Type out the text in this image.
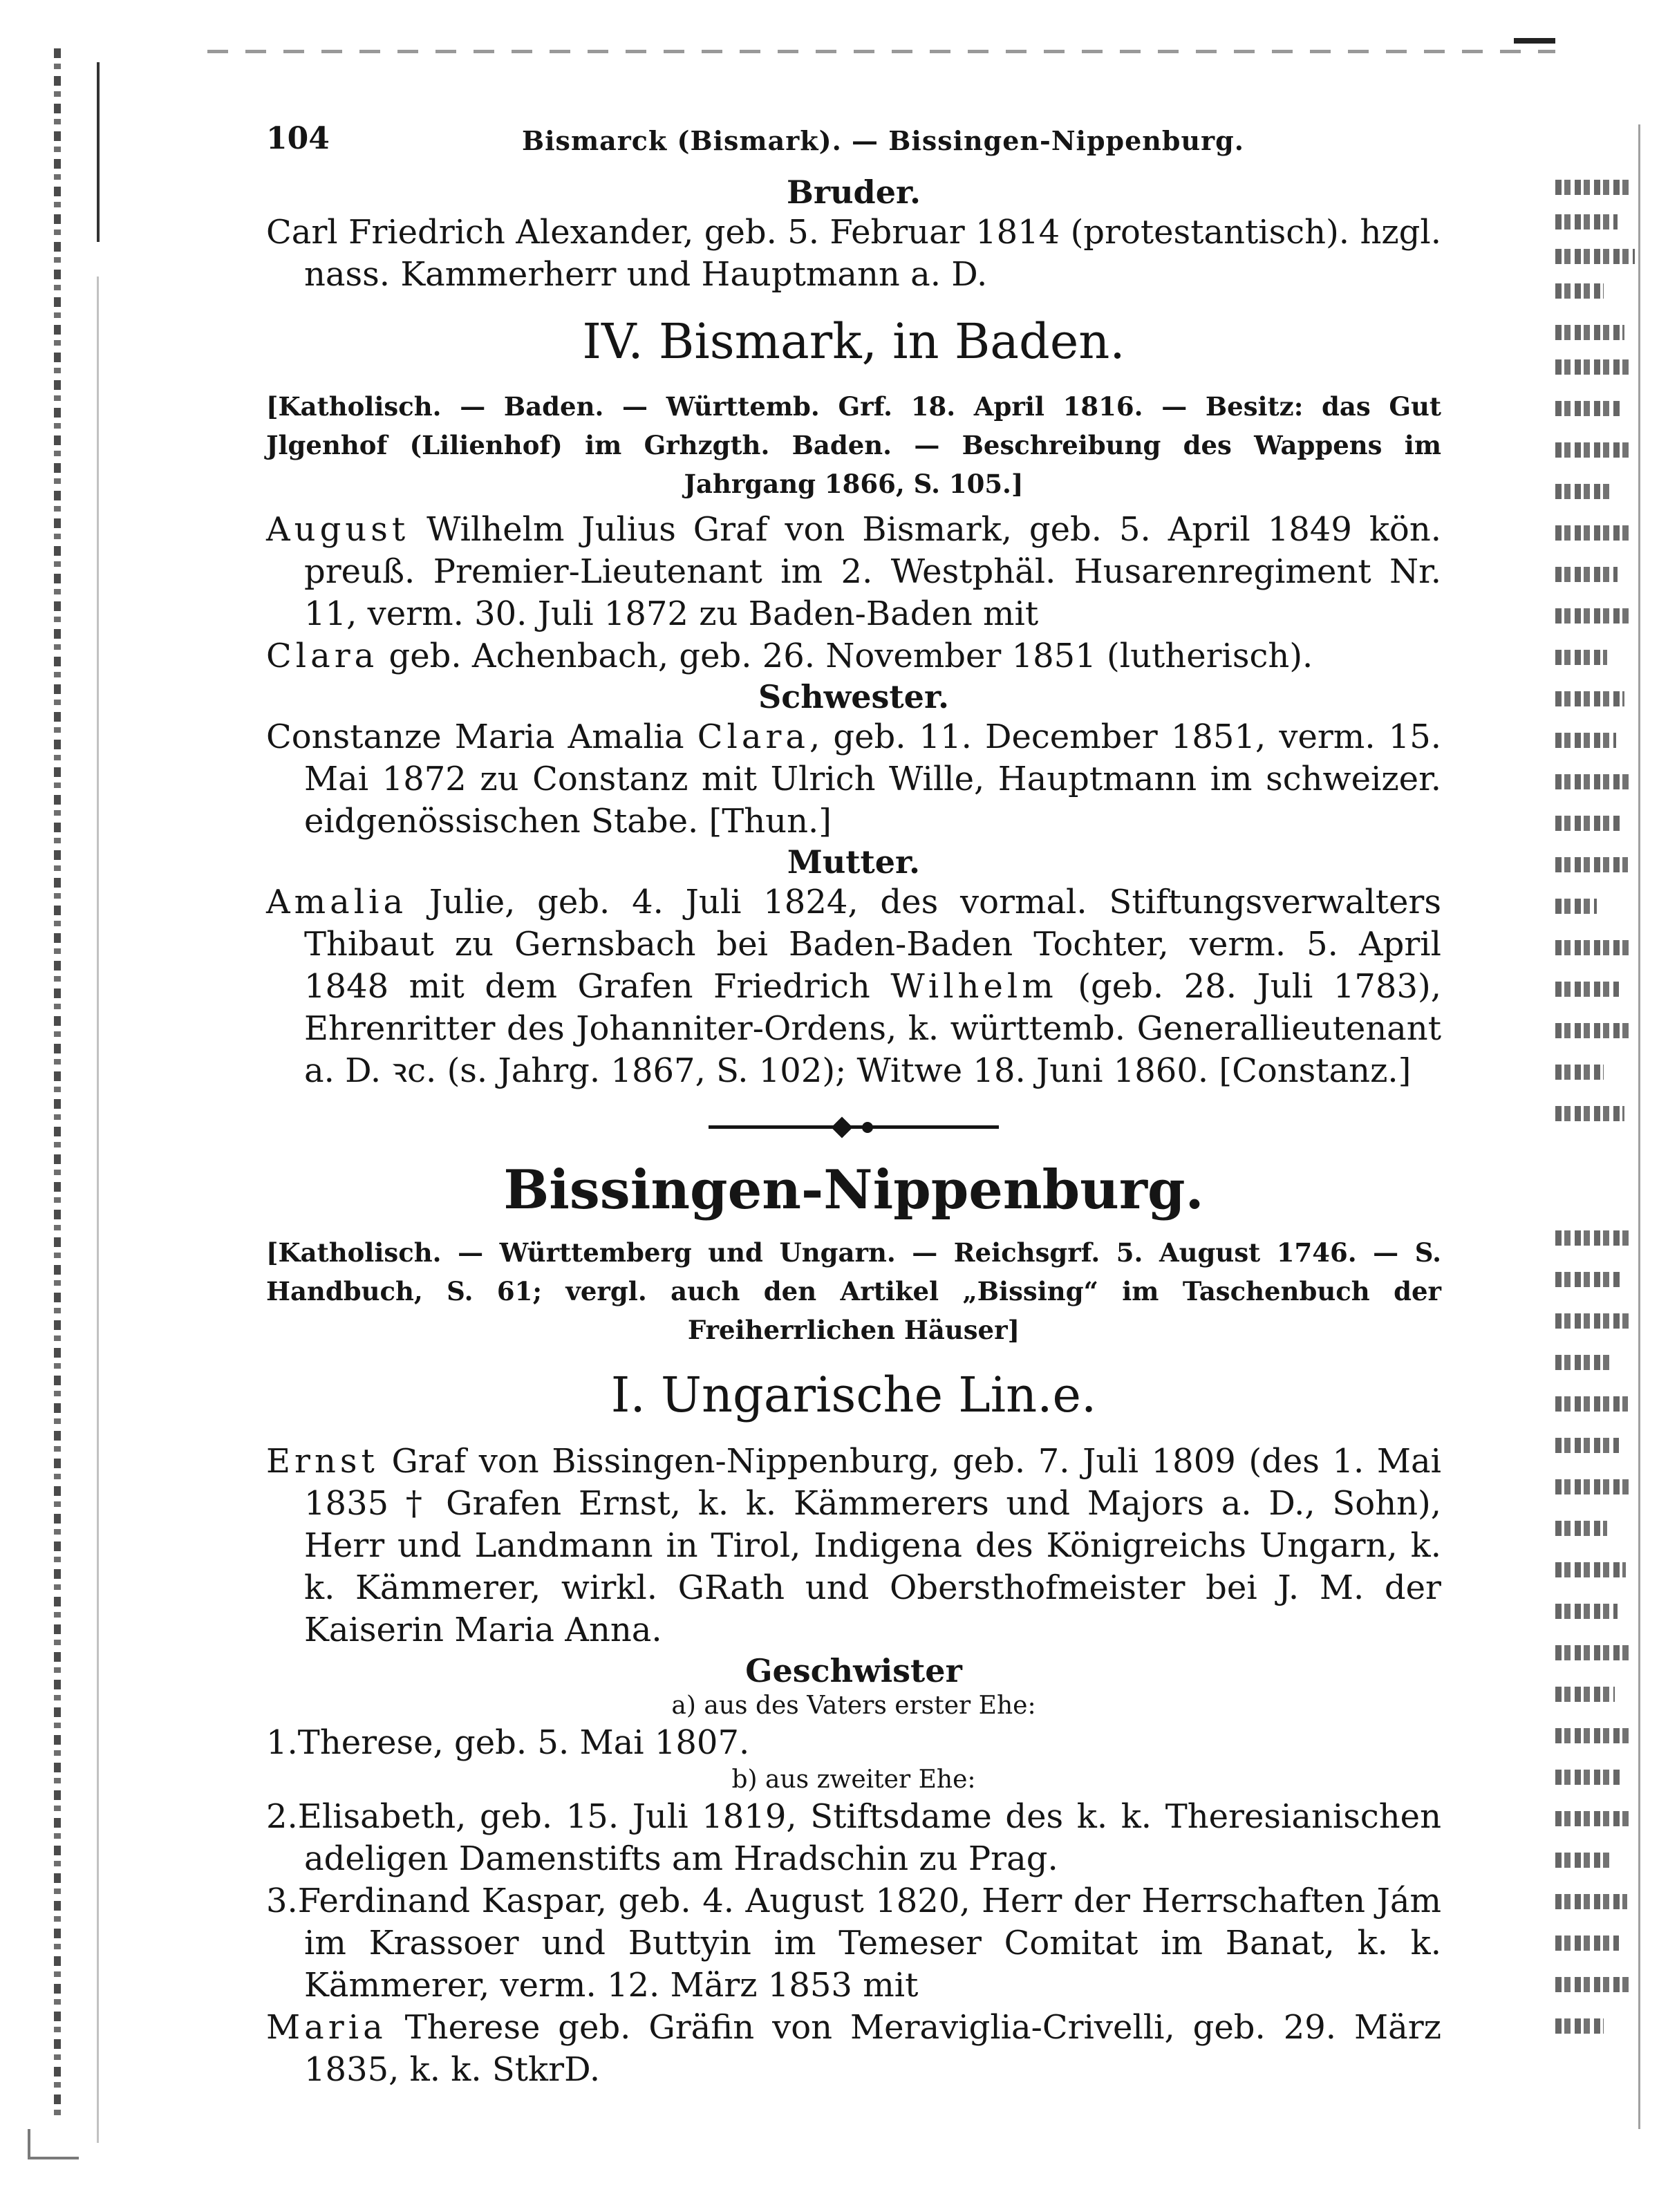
104	Bismarck (Bismark). — Bissingen-Nippenburg.
Bruder.
Carl Friedrich Alexander, geb. 5. Februar 1814 (protestantisch). hzgl. nass. Kammerherr und Hauptmann a. D.
IV. Bismark, in Baden.
[Katholisch. — Baden. — Württemb. Grf. 18. April 1816. — Besitz: das Gut Jlgenhof (Lilienhof) im Grhzgth. Baden. — Beschreibung des Wappens im Jahrgang 1866, S. 105.]
August Wilhelm Julius Graf von Bismark, geb. 5. April 1849 kön. preuß. Premier-Lieutenant im 2. Westphäl. Husarenregiment Nr. 11, verm. 30. Juli 1872 zu Baden-Baden mit
Clara geb. Achenbach, geb. 26. November 1851 (lutherisch).
Schwester.
Constanze Maria Amalia Clara, geb. 11. December 1851, verm. 15. Mai 1872 zu Constanz mit Ulrich Wille, Hauptmann im schweizer. eidgenössischen Stabe. [Thun.]
Mutter.
Amalia Julie, geb. 4. Juli 1824, des vormal. Stiftungsverwalters Thibaut zu Gernsbach bei Baden-Baden Tochter, verm. 5. April 1848 mit dem Grafen Friedrich Wilhelm (geb. 28. Juli 1783), Ehrenritter des Johanniter-Ordens, k. württemb. Generallieutenant a. D. ꝛc. (s. Jahrg. 1867, S. 102); Witwe 18. Juni 1860. [Constanz.]
Bissingen-Nippenburg.
[Katholisch. — Württemberg und Ungarn. — Reichsgrf. 5. August 1746. — S. Handbuch, S. 61; vergl. auch den Artikel „Bissing“ im Taschenbuch der Freiherrlichen Häuser]
I. Ungarische Lin.e.
Ernst Graf von Bissingen-Nippenburg, geb. 7. Juli 1809 (des 1. Mai 1835 † Grafen Ernst, k. k. Kämmerers und Majors a. D., Sohn), Herr und Landmann in Tirol, Indigena des Königreichs Ungarn, k. k. Kämmerer, wirkl. GRath und Obersthofmeister bei J. M. der Kaiserin Maria Anna.
Geschwister
a) aus des Vaters erster Ehe:
1.Therese, geb. 5. Mai 1807.
b) aus zweiter Ehe:
2.Elisabeth, geb. 15. Juli 1819, Stiftsdame des k. k. Theresianischen adeligen Damenstifts am Hradschin zu Prag.
3.Ferdinand Kaspar, geb. 4. August 1820, Herr der Herrschaften Jám im Krassoer und Buttyin im Temeser Comitat im Banat, k. k. Kämmerer, verm. 12. März 1853 mit
Maria Therese geb. Gräfin von Meraviglia-Crivelli, geb. 29. März 1835, k. k. StkrD.
